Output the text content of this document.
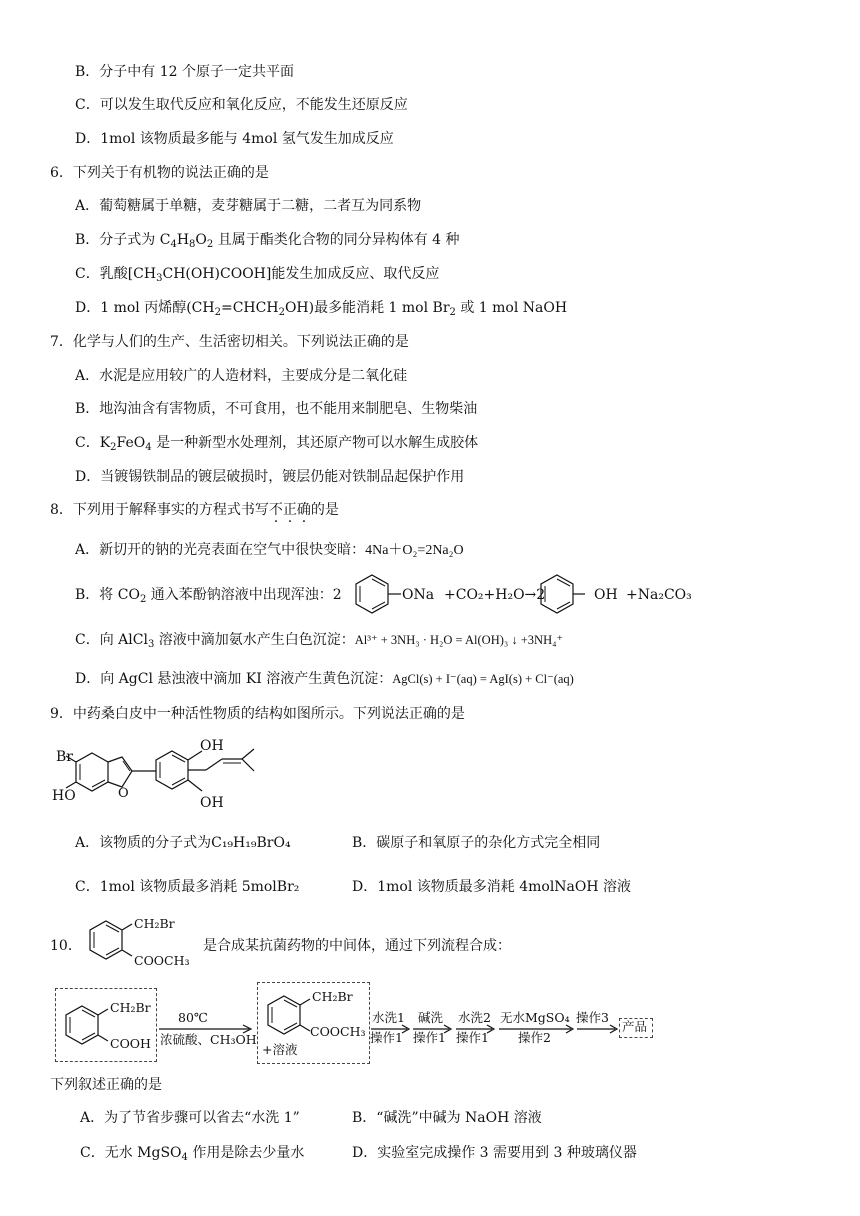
B．分子中有 12 个原子一定共平面
C．可以发生取代反应和氧化反应，不能发生还原反应
D．1mol 该物质最多能与 4mol 氢气发生加成反应
6．下列关于有机物的说法正确的是
A．葡萄糖属于单糖，麦芽糖属于二糖，二者互为同系物
B．分子式为 $C_4H_8O_2$ 且属于酯类化合物的同分异构体有 4 种
C．乳酸$[CH_3CH(OH)COOH]$能发生加成反应、取代反应
D．1 mol 丙烯醇$(CH_2=CHCH_2OH)$最多能消耗 1 mol $Br_2$ 或 1 mol NaOH
7．化学与人们的生产、生活密切相关。下列说法正确的是
A．水泥是应用较广的人造材料，主要成分是二氧化硅
B．地沟油含有害物质，不可食用，也不能用来制肥皂、生物柴油
C．$K_2FeO_4$ 是一种新型水处理剂，其还原产物可以水解生成胶体
D．当镀锡铁制品的镀层破损时，镀层仍能对铁制品起保护作用
8．下列用于解释事实的方程式书写不正确的是
A．新切开的钠的光亮表面在空气中很快变暗：4Na＋O₂=2Na₂O
B．将 $CO_2$ 通入苯酚钠溶液中出现浑浊：2	ONa +CO₂+H₂O→2	OH +Na₂CO₃
C．向 AlCl$_3$ 溶液中滴加氨水产生白色沉淀：Al³⁺ + 3NH₃ · H₂O = Al(OH)₃ ↓ +3NH₄⁺
D．向 AgCl 悬浊液中滴加 KI 溶液产生黄色沉淀：AgCl(s) + I⁻(aq) = AgI(s) + Cl⁻(aq)
9．中药桑白皮中一种活性物质的结构如图所示。下列说法正确的是
Br
HO	O
OH
OH
A．该物质的分子式为C₁₉H₁₉BrO₄	B．碳原子和氧原子的杂化方式完全相同
C．1mol 该物质最多消耗 5molBr₂	D．1mol 该物质最多消耗 4molNaOH 溶液
10．
CH₂Br
COOCH₃
是合成某抗菌药物的中间体，通过下列流程合成：
CH₂Br
COOH
80℃
浓硫酸、CH₃OH
CH₂Br
COOCH₃
+溶液
水洗1
操作1
碱洗
操作1
水洗2
操作1
无水MgSO₄
操作2
操作3
产品
下列叙述正确的是
A．为了节省步骤可以省去“水洗 1”	B．“碱洗”中碱为 NaOH 溶液
C．无水 MgSO$_4$ 作用是除去少量水	D．实验室完成操作 3 需要用到 3 种玻璃仪器
